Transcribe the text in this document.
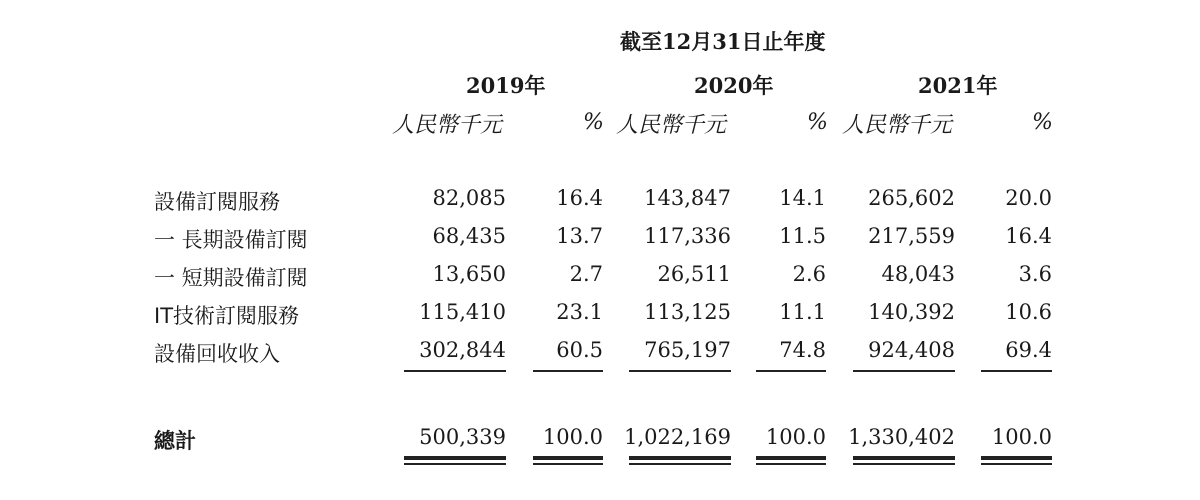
截至12月31日止年度
2019年	2020年	2021年
人民幣千元	% 人民幣千元	% 人民幣千元	%
設備訂閱服務	82,085 16.4 143,847 14.1 265,602 20.0
一 長期設備訂閱	68,435 13.7 117,336 11.5 217,559 16.4
一 短期設備訂閱	13,650	2.7	26,511	2.6	48,043	3.6
IT技術訂閱服務	115,410 23.1 113,125 11.1 140,392 10.6
設備回收收入	302,844 60.5 765,197 74.8 924,408 69.4
總計	500,339 100.0 1,022,169 100.0 1,330,402 100.0
